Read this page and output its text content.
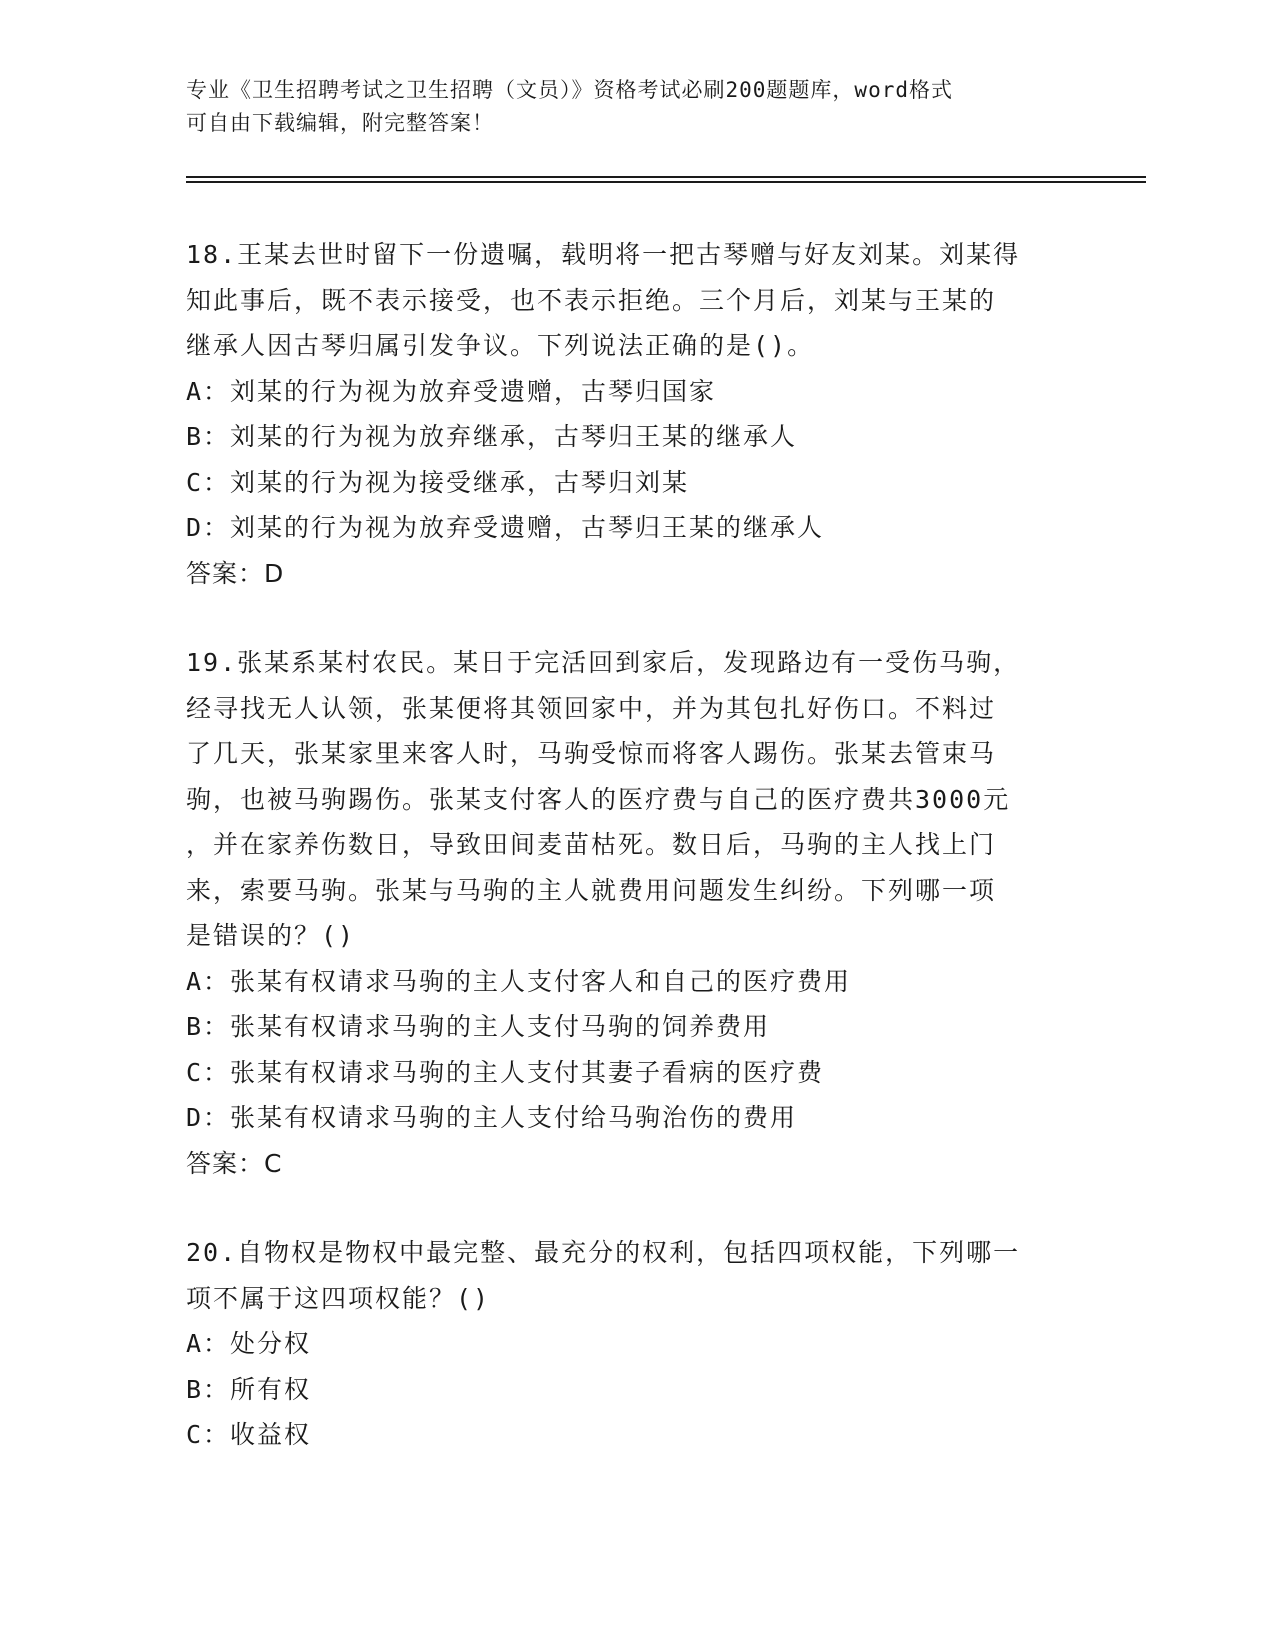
专业《卫生招聘考试之卫生招聘（文员）》资格考试必刷200题题库，word格式

可自由下载编辑，附完整答案！

18.王某去世时留下一份遗嘱，载明将一把古琴赠与好友刘某。刘某得

知此事后，既不表示接受，也不表示拒绝。三个月后，刘某与王某的

继承人因古琴归属引发争议。下列说法正确的是()。

A：刘某的行为视为放弃受遗赠，古琴归国家

B：刘某的行为视为放弃继承，古琴归王某的继承人

C：刘某的行为视为接受继承，古琴归刘某

D：刘某的行为视为放弃受遗赠，古琴归王某的继承人

答案：D

19.张某系某村农民。某日于完活回到家后，发现路边有一受伤马驹，

经寻找无人认领，张某便将其领回家中，并为其包扎好伤口。不料过

了几天，张某家里来客人时，马驹受惊而将客人踢伤。张某去管束马

驹，也被马驹踢伤。张某支付客人的医疗费与自己的医疗费共3000元

，并在家养伤数日，导致田间麦苗枯死。数日后，马驹的主人找上门

来，索要马驹。张某与马驹的主人就费用问题发生纠纷。下列哪一项

是错误的？()

A：张某有权请求马驹的主人支付客人和自己的医疗费用

B：张某有权请求马驹的主人支付马驹的饲养费用

C：张某有权请求马驹的主人支付其妻子看病的医疗费

D：张某有权请求马驹的主人支付给马驹治伤的费用

答案：C

20.自物权是物权中最完整、最充分的权利，包括四项权能，下列哪一

项不属于这四项权能？()

A：处分权

B：所有权

C：收益权
